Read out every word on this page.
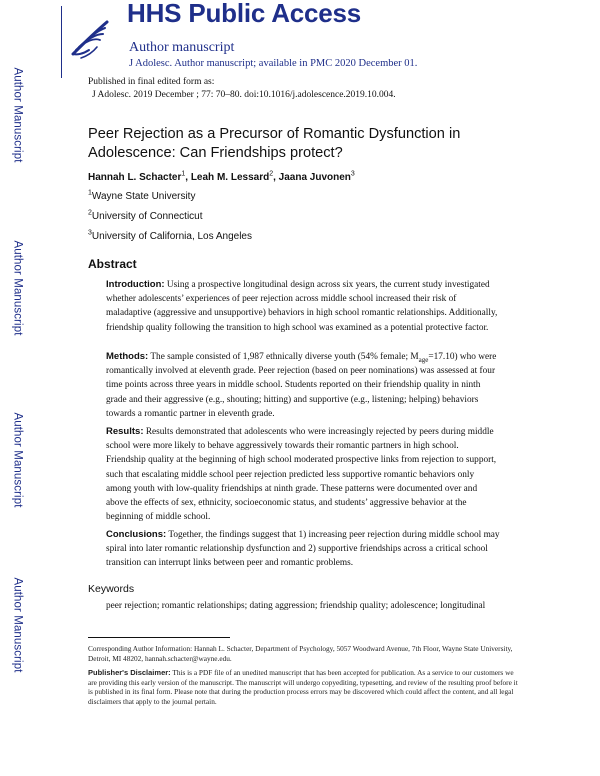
Author Manuscript
Author Manuscript
Author Manuscript
Author Manuscript
HHS Public Access
Author manuscript
J Adolesc. Author manuscript; available in PMC 2020 December 01.
Published in final edited form as:
J Adolesc. 2019 December ; 77: 70–80. doi:10.1016/j.adolescence.2019.10.004.
Peer Rejection as a Precursor of Romantic Dysfunction in Adolescence: Can Friendships protect?
Hannah L. Schacter$^1$, Leah M. Lessard$^2$, Jaana Juvonen$^3$
$^1$Wayne State University
$^2$University of Connecticut
$^3$University of California, Los Angeles
Abstract

Introduction: Using a prospective longitudinal design across six years, the current study investigated whether adolescents’ experiences of peer rejection across middle school increased their risk of maladaptive (aggressive and unsupportive) behaviors in high school romantic relationships. Additionally, friendship quality following the transition to high school was examined as a potential protective factor.

Methods: The sample consisted of 1,987 ethnically diverse youth (54% female; $M_{age}=17.10$) who were romantically involved at eleventh grade. Peer rejection (based on peer nominations) was assessed at four time points across three years in middle school. Students reported on their friendship quality in ninth grade and their aggressive (e.g., shouting; hitting) and supportive (e.g., listening; helping) behaviors towards a romantic partner in eleventh grade.

Results: Results demonstrated that adolescents who were increasingly rejected by peers during middle school were more likely to behave aggressively towards their romantic partners in high school. Friendship quality at the beginning of high school moderated prospective links from rejection to support, such that escalating middle school peer rejection predicted less supportive romantic behaviors only among youth with low-quality friendships at ninth grade. These patterns were documented over and above the effects of sex, ethnicity, socioeconomic status, and students’ aggressive behavior at the beginning of middle school.

Conclusions: Together, the findings suggest that 1) increasing peer rejection during middle school may spiral into later romantic relationship dysfunction and 2) supportive friendships across a critical school transition can interrupt links between peer and romantic problems.

Keywords
peer rejection; romantic relationships; dating aggression; friendship quality; adolescence; longitudinal
Corresponding Author Information: Hannah L. Schacter, Department of Psychology, 5057 Woodward Avenue, 7th Floor, Wayne State University, Detroit, MI 48202, hannah.schacter@wayne.edu.
Publisher's Disclaimer: This is a PDF file of an unedited manuscript that has been accepted for publication. As a service to our customers we are providing this early version of the manuscript. The manuscript will undergo copyediting, typesetting, and review of the resulting proof before it is published in its final form. Please note that during the production process errors may be discovered which could affect the content, and all legal disclaimers that apply to the journal pertain.
